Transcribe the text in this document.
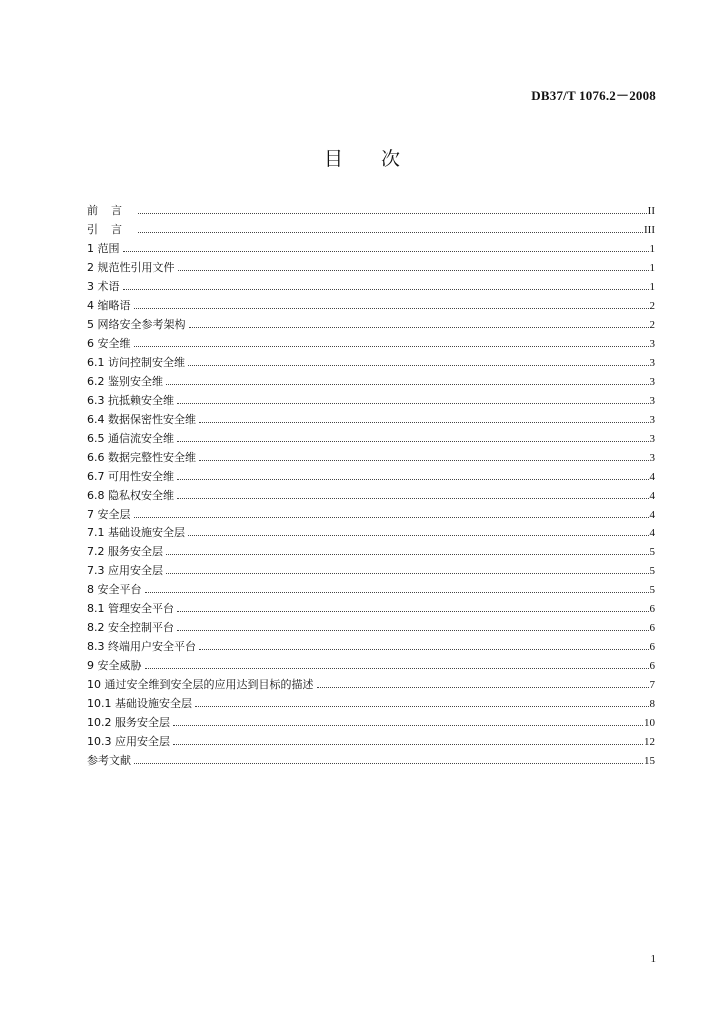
DB37/T 1076.2－2008
目 次
前言	II
引言	III
1 范围	1
2 规范性引用文件	1
3 术语	1
4 缩略语	2
5 网络安全参考架构	2
6 安全维	3
6.1 访问控制安全维	3
6.2 鉴别安全维	3
6.3 抗抵赖安全维	3
6.4 数据保密性安全维	3
6.5 通信流安全维	3
6.6 数据完整性安全维	3
6.7 可用性安全维	4
6.8 隐私权安全维	4
7 安全层	4
7.1 基础设施安全层	4
7.2 服务安全层	5
7.3 应用安全层	5
8 安全平台	5
8.1 管理安全平台	6
8.2 安全控制平台	6
8.3 终端用户安全平台	6
9 安全威胁	6
10 通过安全维到安全层的应用达到目标的描述	7
10.1 基础设施安全层	8
10.2 服务安全层	10
10.3 应用安全层	12
参考文献	15
1
